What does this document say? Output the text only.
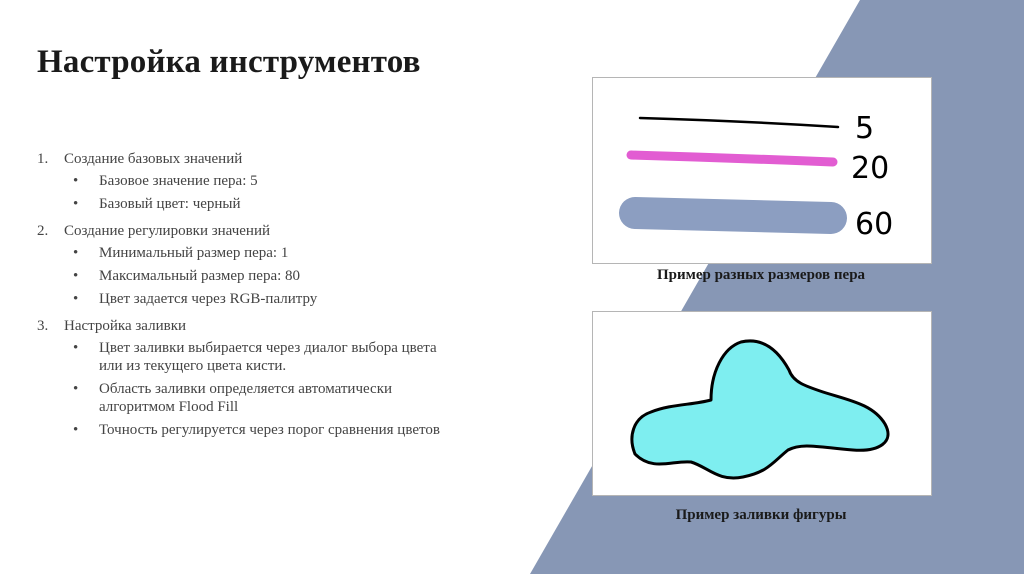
Настройка инструментов
1. Создание базовых значений
• Базовое значение пера: 5
• Базовый цвет: черный
2. Создание регулировки значений
• Минимальный размер пера: 1
• Максимальный размер пера: 80
• Цвет задается через RGB-палитру
3. Настройка заливки
• Цвет заливки выбирается через диалог выбора цвета или из текущего цвета кисти.
• Область заливки определяется автоматически алгоритмом Flood Fill
• Точность регулируется через порог сравнения цветов
5
20
60
Пример разных размеров пера
Пример заливки фигуры
